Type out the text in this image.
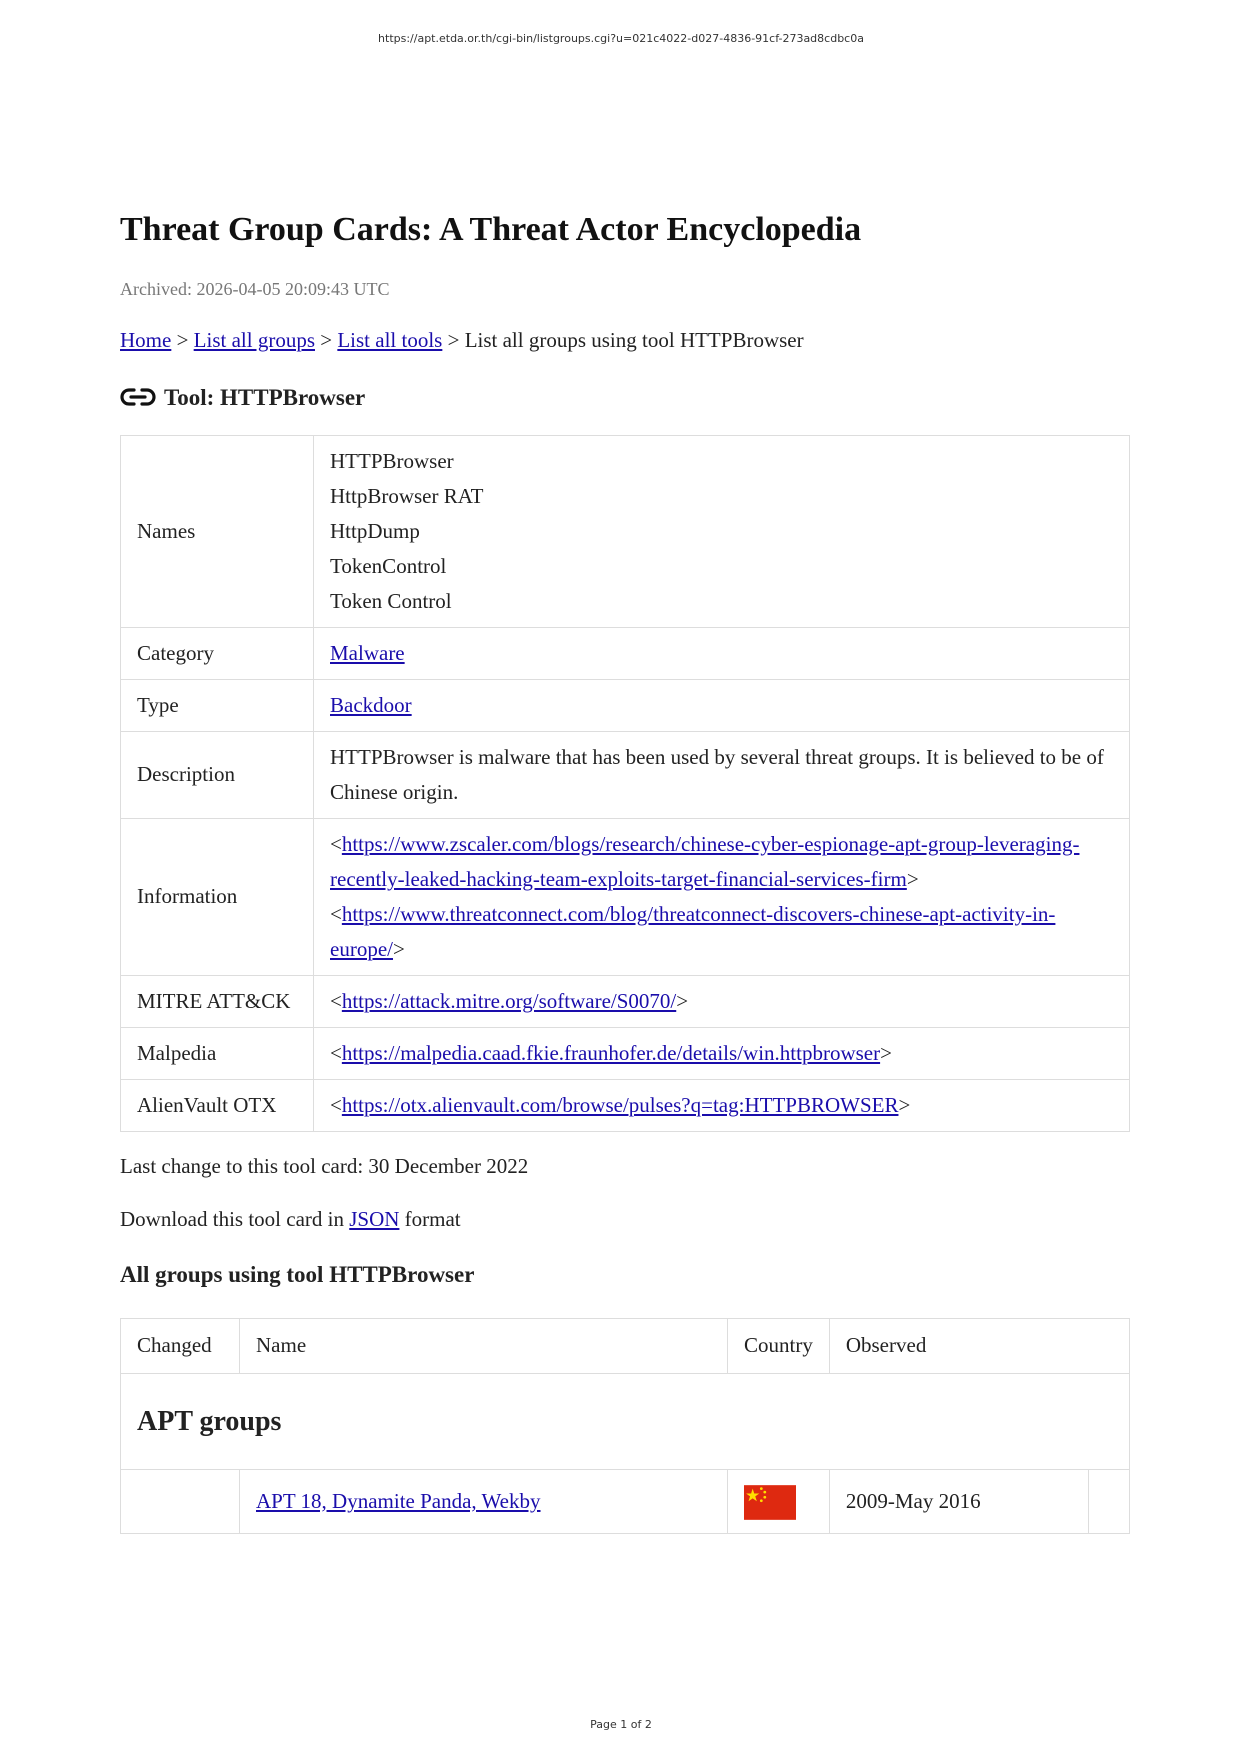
https://apt.etda.or.th/cgi-bin/listgroups.cgi?u=021c4022-d027-4836-91cf-273ad8cdbc0a
Threat Group Cards: A Threat Actor Encyclopedia
Archived: 2026-04-05 20:09:43 UTC
Home > List all groups > List all tools > List all groups using tool HTTPBrowser
Tool: HTTPBrowser
Names	HTTPBrowser
HttpBrowser RAT
HttpDump
TokenControl
Token Control

Category	Malware
Type	Backdoor
Description	HTTPBrowser is malware that has been used by several threat groups. It is believed to be of Chinese origin.
Information	<https://www.zscaler.com/blogs/research/chinese-cyber-espionage-apt-group-leveraging-recently-leaked-hacking-team-exploits-target-financial-services-firm>
<https://www.threatconnect.com/blog/threatconnect-discovers-chinese-apt-activity-in-europe/>
MITRE ATT&CK	<https://attack.mitre.org/software/S0070/>
Malpedia	<https://malpedia.caad.fkie.fraunhofer.de/details/win.httpbrowser>
AlienVault OTX	<https://otx.alienvault.com/browse/pulses?q=tag:HTTPBROWSER>
Last change to this tool card: 30 December 2022
Download this tool card in JSON format
All groups using tool HTTPBrowser
Changed	Name	Country	Observed	
APT groups				
	APT 18, Dynamite Panda, Wekby		2009-May 2016	
Page 1 of 2
